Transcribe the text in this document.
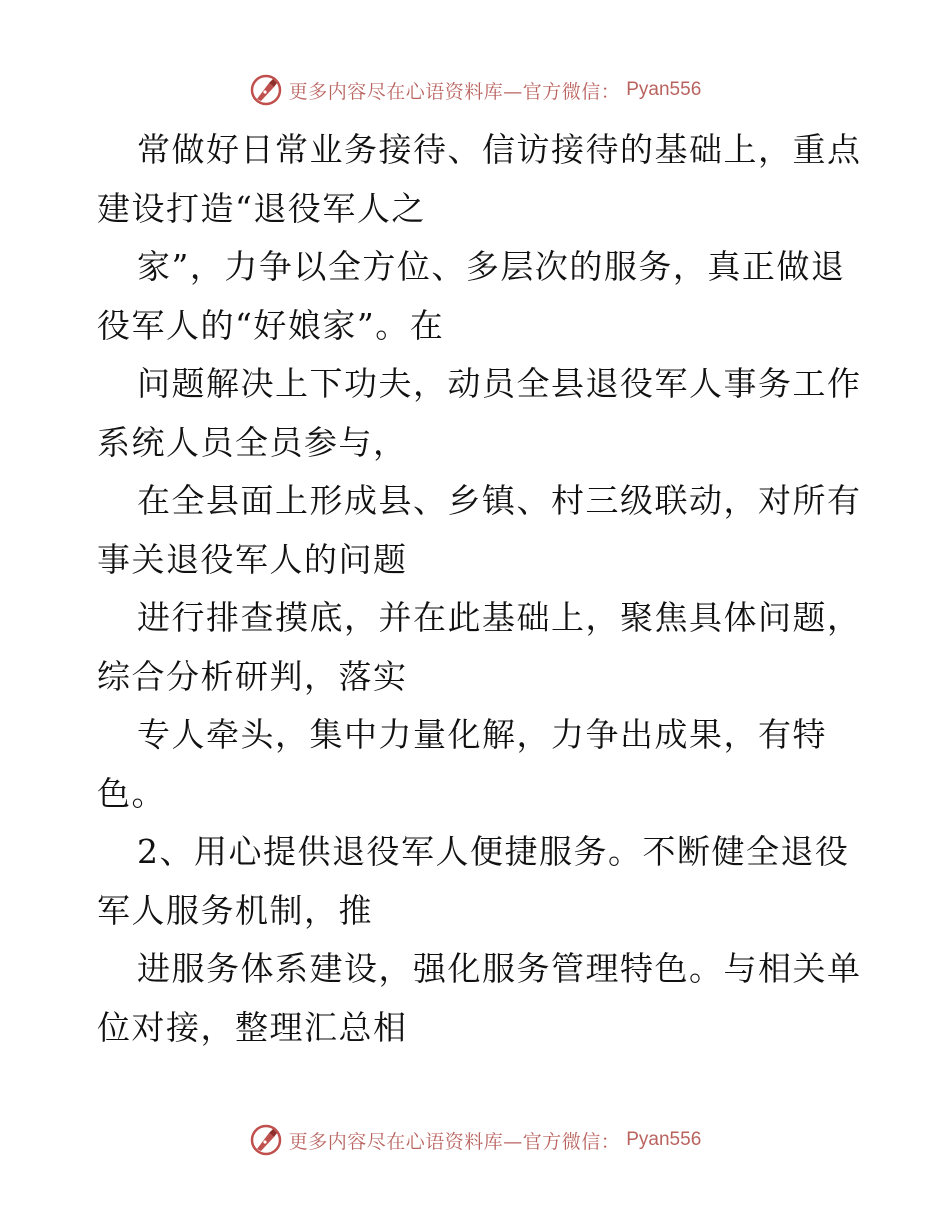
更多内容尽在心语资料库—官方微信： Pyan556

常做好日常业务接待、信访接待的基础上，重点
建设打造“退役军人之

家”，力争以全方位、多层次的服务，真正做退
役军人的“好娘家”。在

问题解决上下功夫，动员全县退役军人事务工作
系统人员全员参与，

在全县面上形成县、乡镇、村三级联动，对所有
事关退役军人的问题

进行排查摸底，并在此基础上，聚焦具体问题，
综合分析研判，落实

专人牵头，集中力量化解，力争出成果，有特
色。

2、用心提供退役军人便捷服务。不断健全退役
军人服务机制，推

进服务体系建设，强化服务管理特色。与相关单
位对接，整理汇总相

更多内容尽在心语资料库—官方微信： Pyan556
